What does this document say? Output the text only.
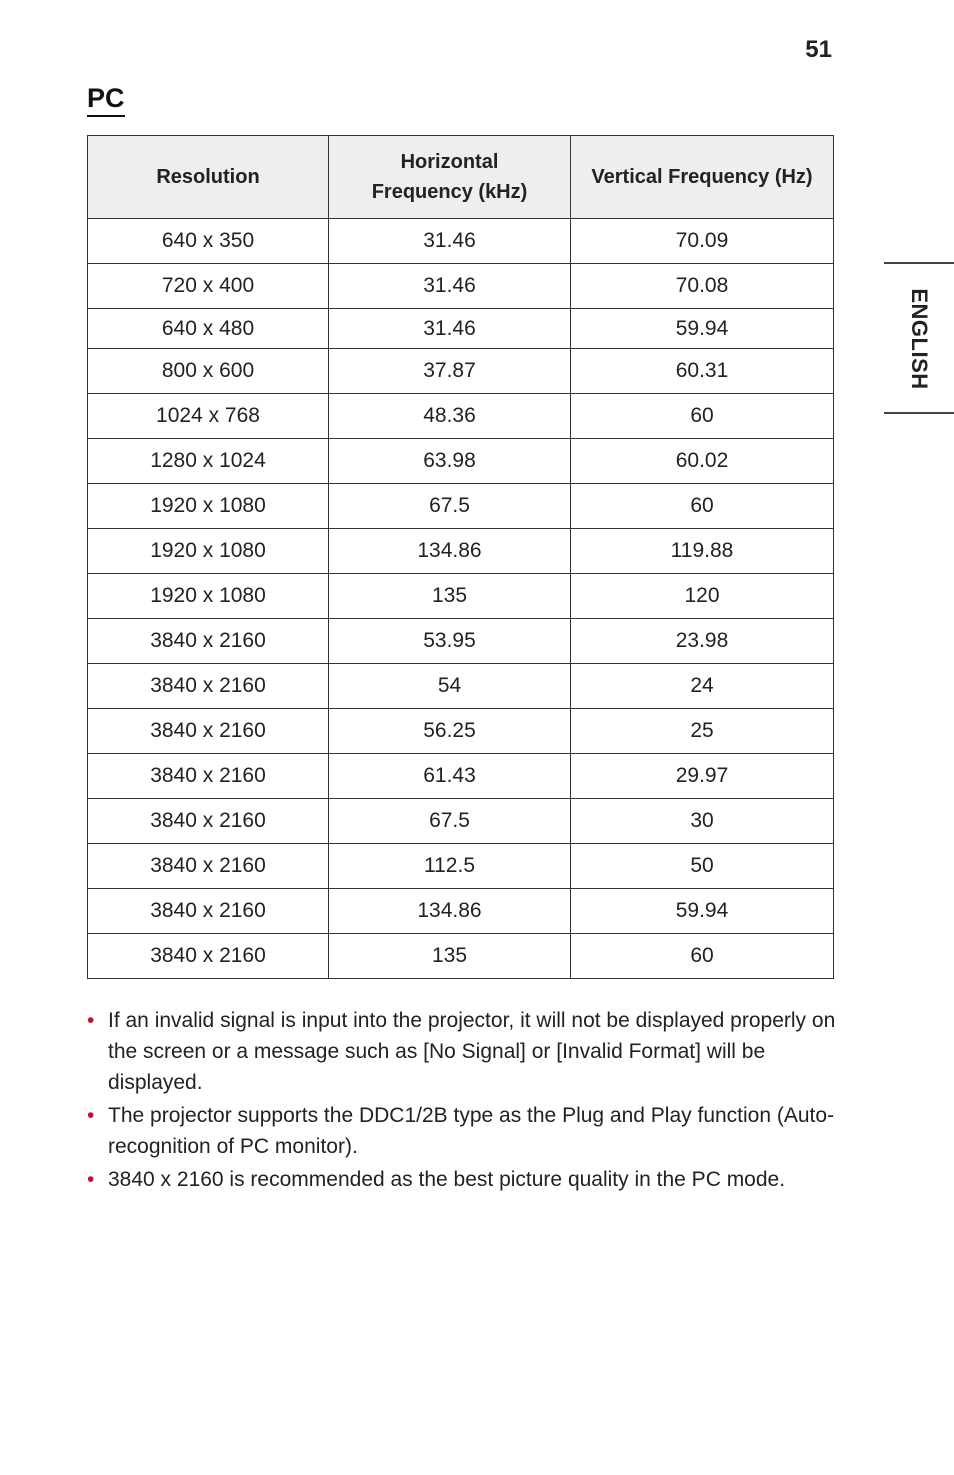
51
PC
ENGLISH
Resolution	Horizontal Frequency (kHz)	Vertical Frequency (Hz)
640 x 350	31.46	70.09
720 x 400	31.46	70.08
640 x 480	31.46	59.94
800 x 600	37.87	60.31
1024 x 768	48.36	60
1280 x 1024	63.98	60.02
1920 x 1080	67.5	60
1920 x 1080	134.86	119.88
1920 x 1080	135	120
3840 x 2160	53.95	23.98
3840 x 2160	54	24
3840 x 2160	56.25	25
3840 x 2160	61.43	29.97
3840 x 2160	67.5	30
3840 x 2160	112.5	50
3840 x 2160	134.86	59.94
3840 x 2160	135	60
• If an invalid signal is input into the projector, it will not be displayed properly on the screen or a message such as [No Signal] or [Invalid Format] will be displayed.
• The projector supports the DDC1/2B type as the Plug and Play function (Auto-recognition of PC monitor).
• 3840 x 2160 is recommended as the best picture quality in the PC mode.
